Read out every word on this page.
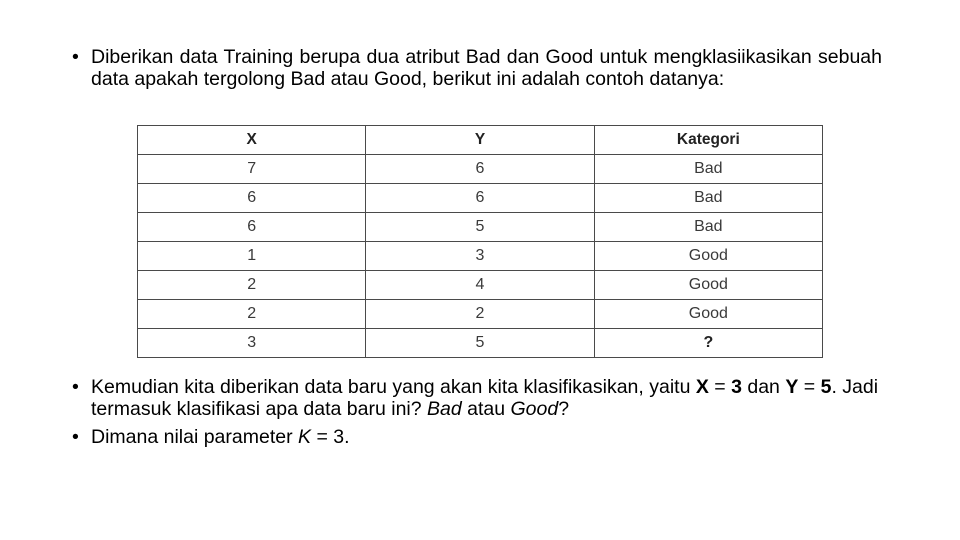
• Diberikan data Training berupa dua atribut Bad dan Good untuk mengklasiikasikan sebuah data apakah tergolong Bad atau Good, berikut ini adalah contoh datanya:
X	Y	Kategori
7	6	Bad
6	6	Bad
6	5	Bad
1	3	Good
2	4	Good
2	2	Good
3	5	?
• Kemudian kita diberikan data baru yang akan kita klasifikasikan, yaitu X = 3 dan Y = 5. Jadi termasuk klasifikasi apa data baru ini? Bad atau Good?
• Dimana nilai parameter K = 3.
